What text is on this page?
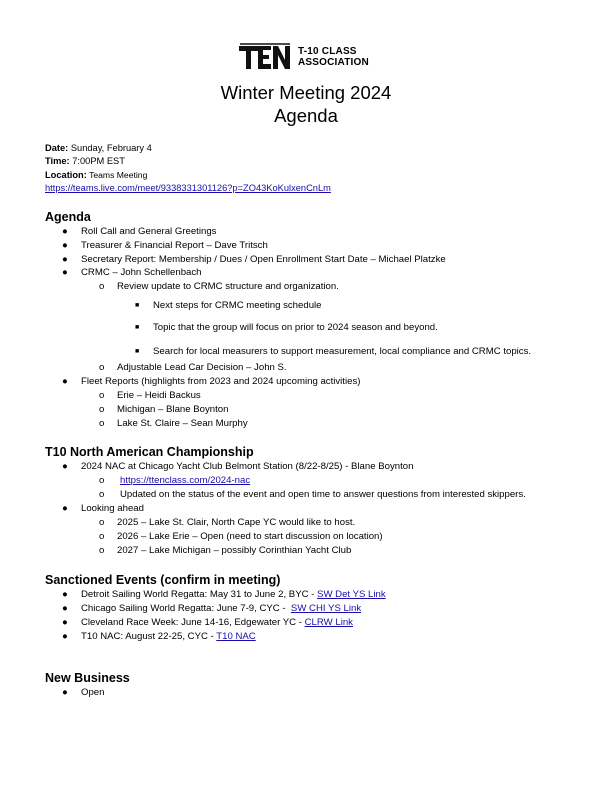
T-10 CLASS
ASSOCIATION
Winter Meeting 2024
Agenda
Date: Sunday, February 4
Time: 7:00PM EST
Location: Teams Meeting
https://teams.live.com/meet/9338331301126?p=ZO43KoKulxenCnLm
Agenda
● Roll Call and General Greetings
● Treasurer & Financial Report – Dave Tritsch
● Secretary Report: Membership / Dues / Open Enrollment Start Date – Michael Platzke
● CRMC – John Schellenbach
o Review update to CRMC structure and organization.
■ Next steps for CRMC meeting schedule
■ Topic that the group will focus on prior to 2024 season and beyond.
■ Search for local measurers to support measurement, local compliance and CRMC topics.
o Adjustable Lead Car Decision – John S.
● Fleet Reports (highlights from 2023 and 2024 upcoming activities)
o Erie – Heidi Backus
o Michigan – Blane Boynton
o Lake St. Claire – Sean Murphy
T10 North American Championship
● 2024 NAC at Chicago Yacht Club Belmont Station (8/22-8/25) - Blane Boynton
o https://ttenclass.com/2024-nac
o Updated on the status of the event and open time to answer questions from interested skippers.
● Looking ahead
o 2025 – Lake St. Clair, North Cape YC would like to host.
o 2026 – Lake Erie – Open (need to start discussion on location)
o 2027 – Lake Michigan – possibly Corinthian Yacht Club
Sanctioned Events (confirm in meeting)
● Detroit Sailing World Regatta: May 31 to June 2, BYC - SW Det YS Link
● Chicago Sailing World Regatta: June 7-9, CYC -  SW CHI YS Link
● Cleveland Race Week: June 14-16, Edgewater YC - CLRW Link
● T10 NAC: August 22-25, CYC - T10 NAC
New Business
● Open
